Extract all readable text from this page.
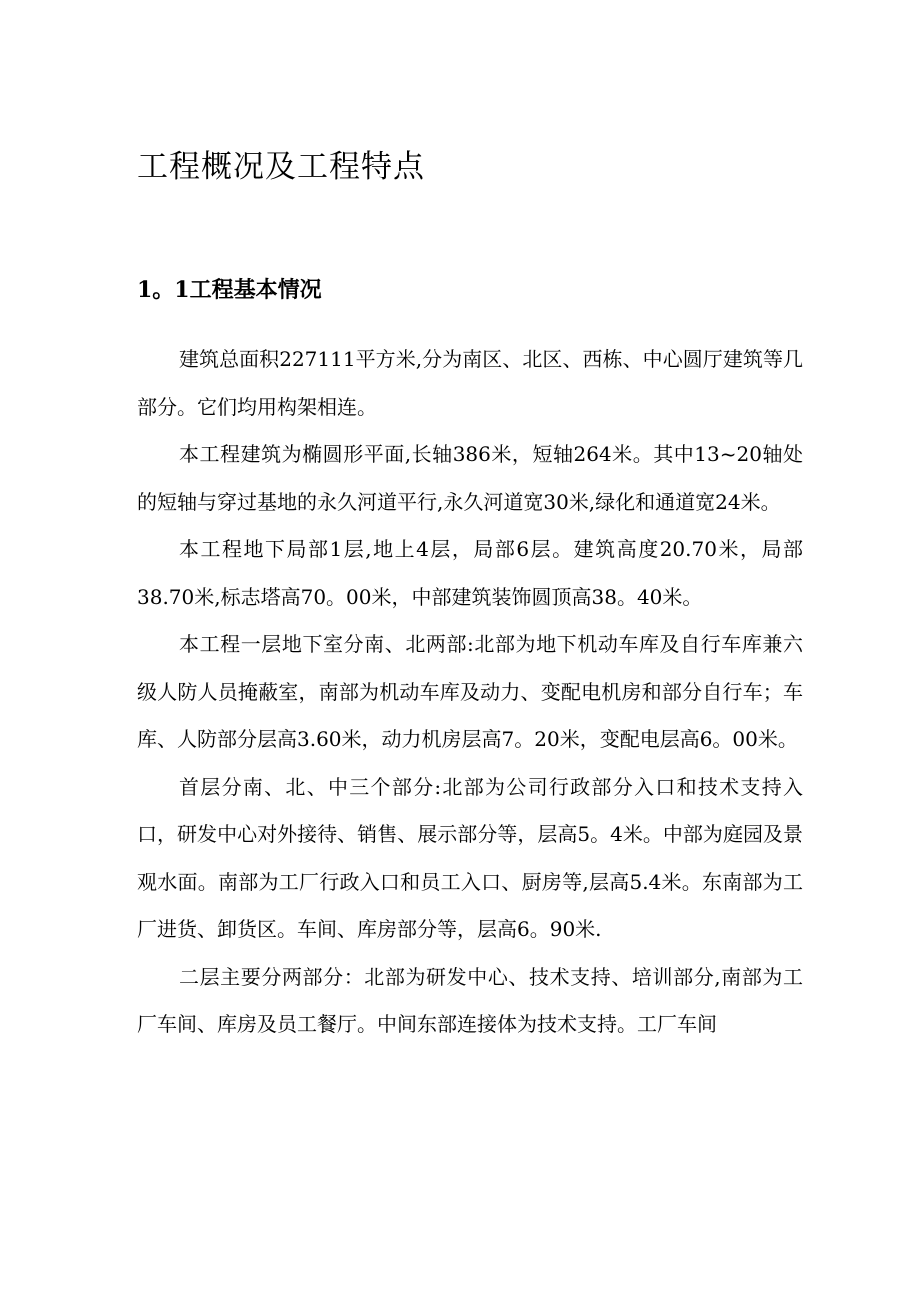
工程概况及工程特点
1。1工程基本情况

建筑总面积227111平方米,分为南区、北区、西栋、中心圆厅建筑等几部分。它们均用构架相连。

本工程建筑为椭圆形平面,长轴386米，短轴264米。其中13~20轴处的短轴与穿过基地的永久河道平行,永久河道宽30米,绿化和通道宽24米。

本工程地下局部1层,地上4层，局部6层。建筑高度20.70米，局部38.70米,标志塔高70。00米，中部建筑装饰圆顶高38。40米。

本工程一层地下室分南、北两部:北部为地下机动车库及自行车库兼六级人防人员掩蔽室，南部为机动车库及动力、变配电机房和部分自行车；车库、人防部分层高3.60米，动力机房层高7。20米，变配电层高6。00米。

首层分南、北、中三个部分:北部为公司行政部分入口和技术支持入口，研发中心对外接待、销售、展示部分等，层高5。4米。中部为庭园及景观水面。南部为工厂行政入口和员工入口、厨房等,层高5.4米。东南部为工厂进货、卸货区。车间、库房部分等，层高6。90米.

二层主要分两部分：北部为研发中心、技术支持、培训部分,南部为工厂车间、库房及员工餐厅。中间东部连接体为技术支持。工厂车间
